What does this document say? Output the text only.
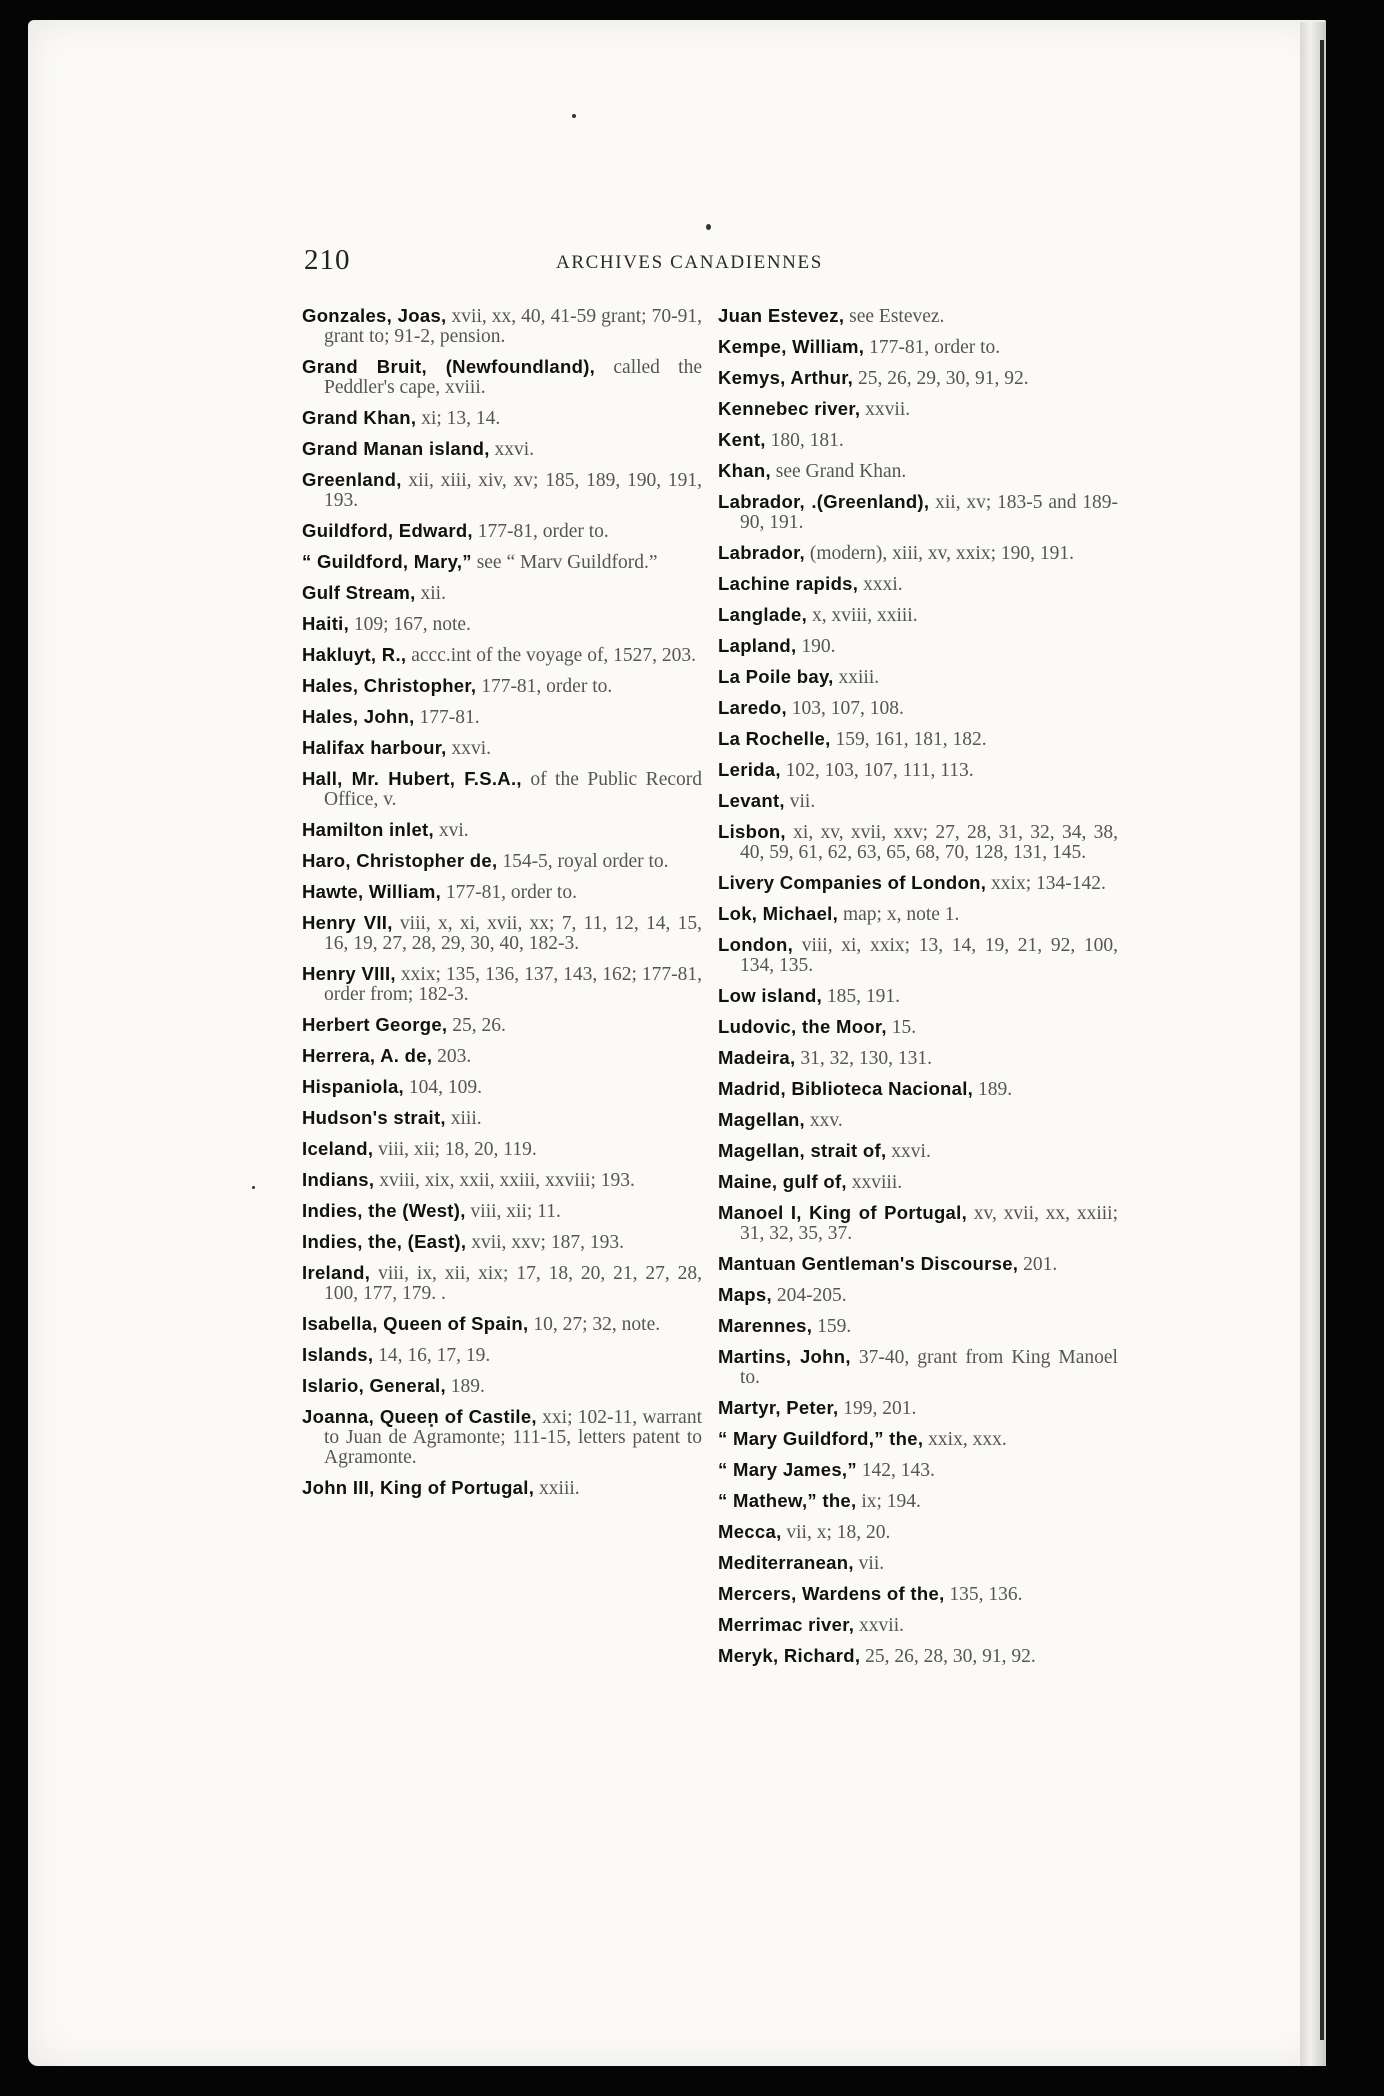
210	ARCHIVES CANADIENNES
Gonzales, Joas, xvii, xx, 40, 41-59 grant; 70-91, grant to; 91-2, pension.
Grand Bruit, (Newfoundland), called the Peddler's cape, xviii.
Grand Khan, xi; 13, 14.
Grand Manan island, xxvi.
Greenland, xii, xiii, xiv, xv; 185, 189, 190, 191, 193.
Guildford, Edward, 177-81, order to.
“ Guildford, Mary,” see “ Marv Guildford.”
Gulf Stream, xii.
Haiti, 109; 167, note.
Hakluyt, R., accc.int of the voyage of, 1527, 203.
Hales, Christopher, 177-81, order to.
Hales, John, 177-81.
Halifax harbour, xxvi.
Hall, Mr. Hubert, F.S.A., of the Public Record Office, v.
Hamilton inlet, xvi.
Haro, Christopher de, 154-5, royal order to.
Hawte, William, 177-81, order to.
Henry VII, viii, x, xi, xvii, xx; 7, 11, 12, 14, 15, 16, 19, 27, 28, 29, 30, 40, 182-3.
Henry VIII, xxix; 135, 136, 137, 143, 162; 177-81, order from; 182-3.
Herbert George, 25, 26.
Herrera, A. de, 203.
Hispaniola, 104, 109.
Hudson's strait, xiii.
Iceland, viii, xii; 18, 20, 119.
Indians, xviii, xix, xxii, xxiii, xxviii; 193.
Indies, the (West), viii, xii; 11.
Indies, the, (East), xvii, xxv; 187, 193.
Ireland, viii, ix, xii, xix; 17, 18, 20, 21, 27, 28, 100, 177, 179. .
Isabella, Queen of Spain, 10, 27; 32, note.
Islands, 14, 16, 17, 19.
Islario, General, 189.
Joanna, Queen of Castile, xxi; 102-11, warrant to Juan de Agramonte; 111-15, letters patent to Agramonte.
John III, King of Portugal, xxiii.
Juan Estevez, see Estevez.
Kempe, William, 177-81, order to.
Kemys, Arthur, 25, 26, 29, 30, 91, 92.
Kennebec river, xxvii.
Kent, 180, 181.
Khan, see Grand Khan.
Labrador, .(Greenland), xii, xv; 183-5 and 189-90, 191.
Labrador, (modern), xiii, xv, xxix; 190, 191.
Lachine rapids, xxxi.
Langlade, x, xviii, xxiii.
Lapland, 190.
La Poile bay, xxiii.
Laredo, 103, 107, 108.
La Rochelle, 159, 161, 181, 182.
Lerida, 102, 103, 107, 111, 113.
Levant, vii.
Lisbon, xi, xv, xvii, xxv; 27, 28, 31, 32, 34, 38, 40, 59, 61, 62, 63, 65, 68, 70, 128, 131, 145.
Livery Companies of London, xxix; 134-142.
Lok, Michael, map; x, note 1.
London, viii, xi, xxix; 13, 14, 19, 21, 92, 100, 134, 135.
Low island, 185, 191.
Ludovic, the Moor, 15.
Madeira, 31, 32, 130, 131.
Madrid, Biblioteca Nacional, 189.
Magellan, xxv.
Magellan, strait of, xxvi.
Maine, gulf of, xxviii.
Manoel I, King of Portugal, xv, xvii, xx, xxiii; 31, 32, 35, 37.
Mantuan Gentleman's Discourse, 201.
Maps, 204-205.
Marennes, 159.
Martins, John, 37-40, grant from King Manoel to.
Martyr, Peter, 199, 201.
“ Mary Guildford,” the, xxix, xxx.
“ Mary James,” 142, 143.
“ Mathew,” the, ix; 194.
Mecca, vii, x; 18, 20.
Mediterranean, vii.
Mercers, Wardens of the, 135, 136.
Merrimac river, xxvii.
Meryk, Richard, 25, 26, 28, 30, 91, 92.
